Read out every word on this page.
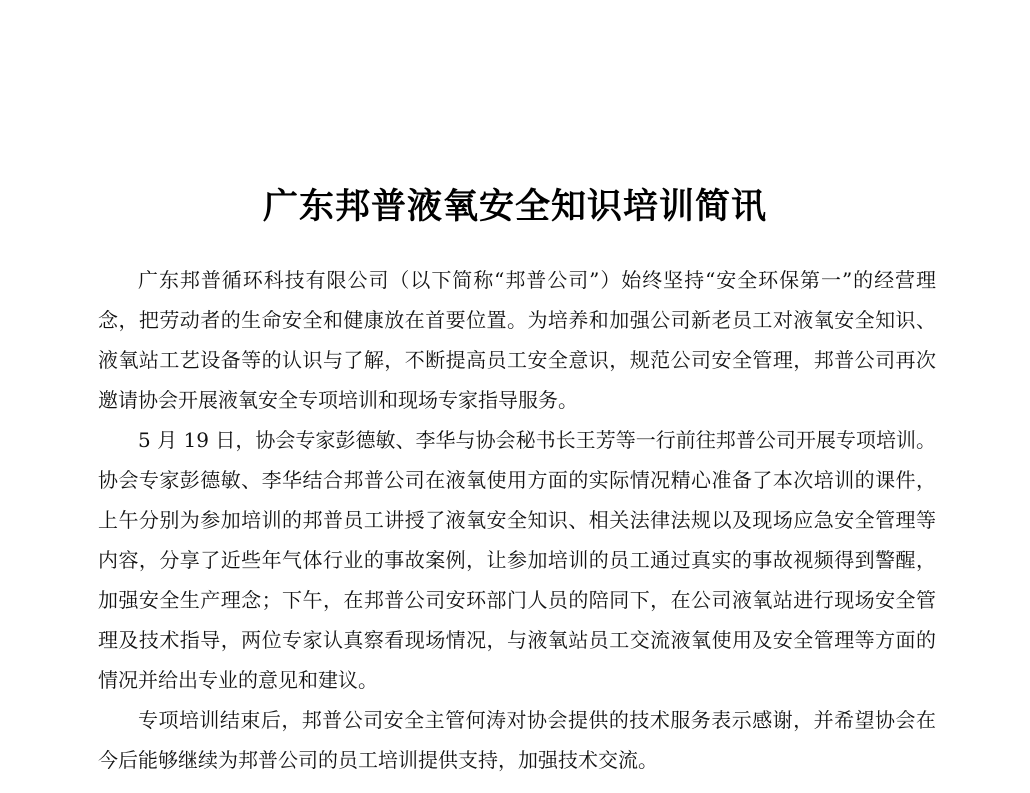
广东邦普液氧安全知识培训简讯

广东邦普循环科技有限公司（以下简称“邦普公司”）始终坚持“安全环保第一”的经营理念，把劳动者的生命安全和健康放在首要位置。为培养和加强公司新老员工对液氧安全知识、液氧站工艺设备等的认识与了解，不断提高员工安全意识，规范公司安全管理，邦普公司再次邀请协会开展液氧安全专项培训和现场专家指导服务。

5 月 19 日，协会专家彭德敏、李华与协会秘书长王芳等一行前往邦普公司开展专项培训。协会专家彭德敏、李华结合邦普公司在液氧使用方面的实际情况精心准备了本次培训的课件，上午分别为参加培训的邦普员工讲授了液氧安全知识、相关法律法规以及现场应急安全管理等内容，分享了近些年气体行业的事故案例，让参加培训的员工通过真实的事故视频得到警醒，加强安全生产理念；下午，在邦普公司安环部门人员的陪同下，在公司液氧站进行现场安全管理及技术指导，两位专家认真察看现场情况，与液氧站员工交流液氧使用及安全管理等方面的情况并给出专业的意见和建议。

专项培训结束后，邦普公司安全主管何涛对协会提供的技术服务表示感谢，并希望协会在今后能够继续为邦普公司的员工培训提供支持，加强技术交流。
